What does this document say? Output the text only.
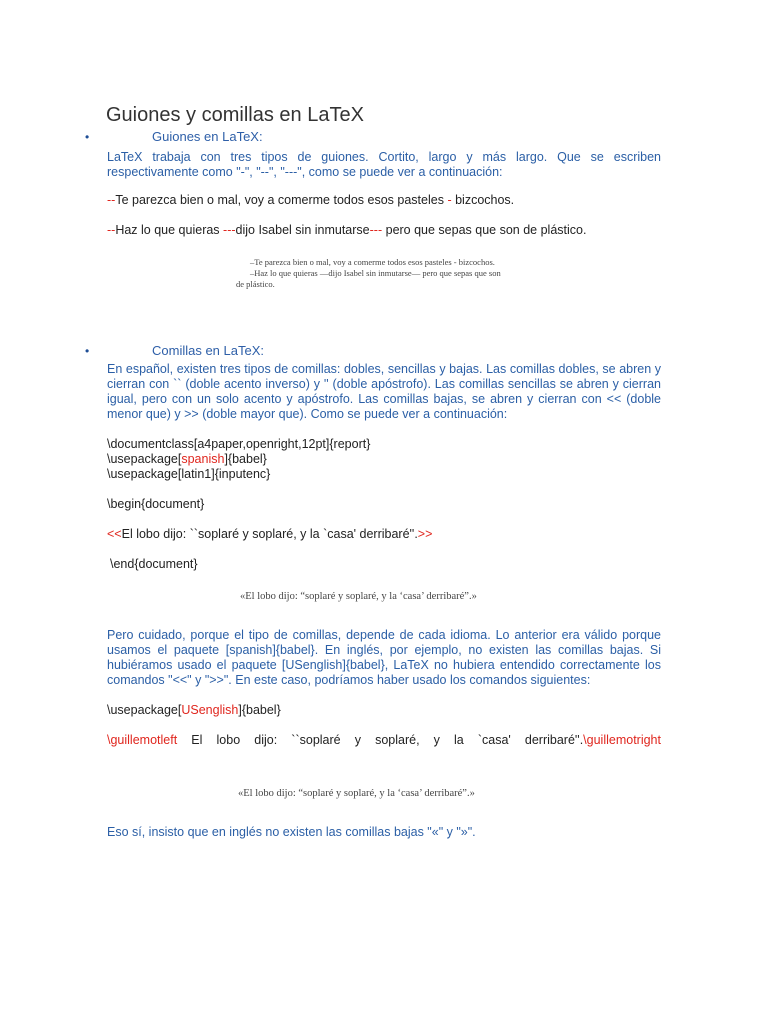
Guiones y comillas en LaTeX
•	Guiones en LaTeX:

LaTeX trabaja con tres tipos de guiones. Cortito, largo y más largo. Que se escriben respectivamente como "-", "--", "---", como se puede ver a continuación:

--Te parezca bien o mal, voy a comerme todos esos pasteles - bizcochos.

--Haz lo que quieras ---dijo Isabel sin inmutarse--- pero que sepas que son de plástico.

–Te parezca bien o mal, voy a comerme todos esos pasteles - bizcochos.
–Haz lo que quieras —dijo Isabel sin inmutarse— pero que sepas que son
de plástico.
•	Comillas en LaTeX:

En español, existen tres tipos de comillas: dobles, sencillas y bajas. Las comillas dobles, se abren y cierran con `` (doble acento inverso) y '' (doble apóstrofo). Las comillas sencillas se abren y cierran igual, pero con un solo acento y apóstrofo. Las comillas bajas, se abren y cierran con << (doble menor que) y >> (doble mayor que). Como se puede ver a continuación:

\documentclass[a4paper,openright,12pt]{report}

\usepackage[spanish]{babel}

\usepackage[latin1]{inputenc}

\begin{document}

<<El lobo dijo: ``soplaré y soplaré, y la `casa' derribaré''.>>

\end{document}

«El lobo dijo: “soplaré y soplaré, y la ‘casa’ derribaré”.»

Pero cuidado, porque el tipo de comillas, depende de cada idioma. Lo anterior era válido porque usamos el paquete [spanish]{babel}. En inglés, por ejemplo, no existen las comillas bajas. Si hubiéramos usado el paquete [USenglish]{babel}, LaTeX no hubiera entendido correctamente los comandos "<<" y ">>". En este caso, podríamos haber usado los comandos siguientes:

\usepackage[USenglish]{babel}

\guillemotleft El lobo dijo: ``soplaré y soplaré, y la `casa' derribaré''.\guillemotright

«El lobo dijo: “soplaré y soplaré, y la ‘casa’ derribaré”.»

Eso sí, insisto que en inglés no existen las comillas bajas "«" y "»".
